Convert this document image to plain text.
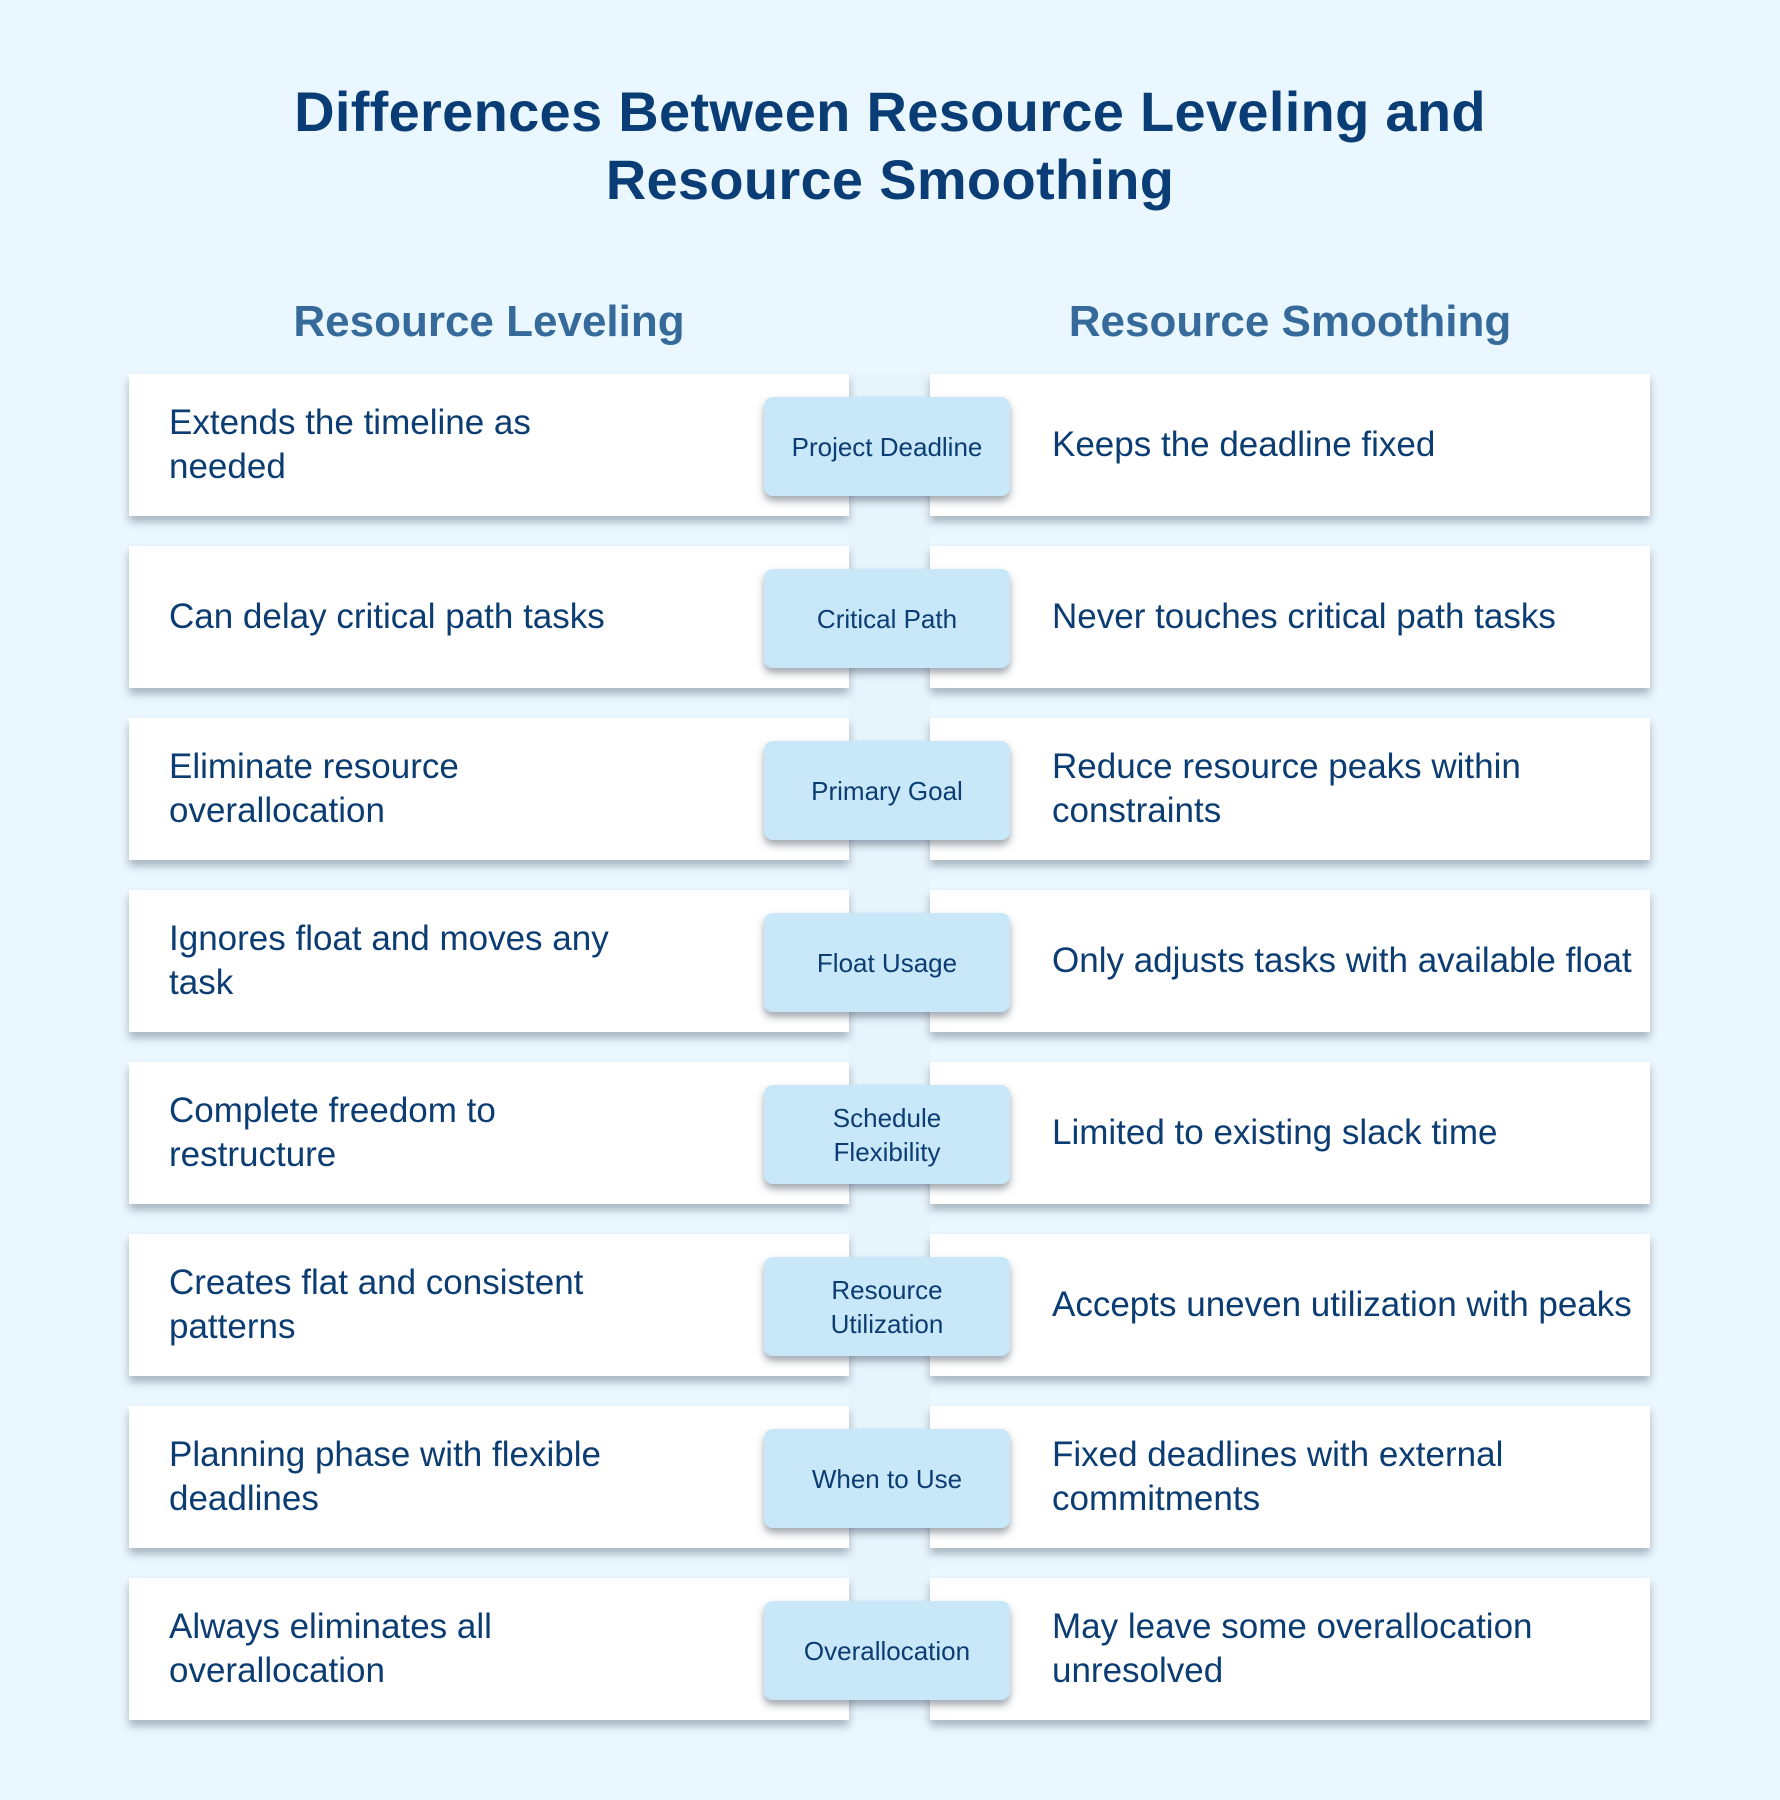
Differences Between Resource Leveling and
Resource Smoothing
Resource Leveling	Resource Smoothing
Extends the timeline as needed
Keeps the deadline fixed
Project Deadline
Can delay critical path tasks	Never touches critical path tasks
Critical Path
Eliminate resource overallocation
Reduce resource peaks within constraints
Primary Goal
Ignores float and moves any task
Only adjusts tasks with available float
Float Usage
Complete freedom to restructure
Limited to existing slack time
Schedule Flexibility
Creates flat and consistent patterns
Accepts uneven utilization with peaks
Resource Utilization
Planning phase with flexible deadlines
Fixed deadlines with external commitments
When to Use
Always eliminates all overallocation
May leave some overallocation unresolved
Overallocation
